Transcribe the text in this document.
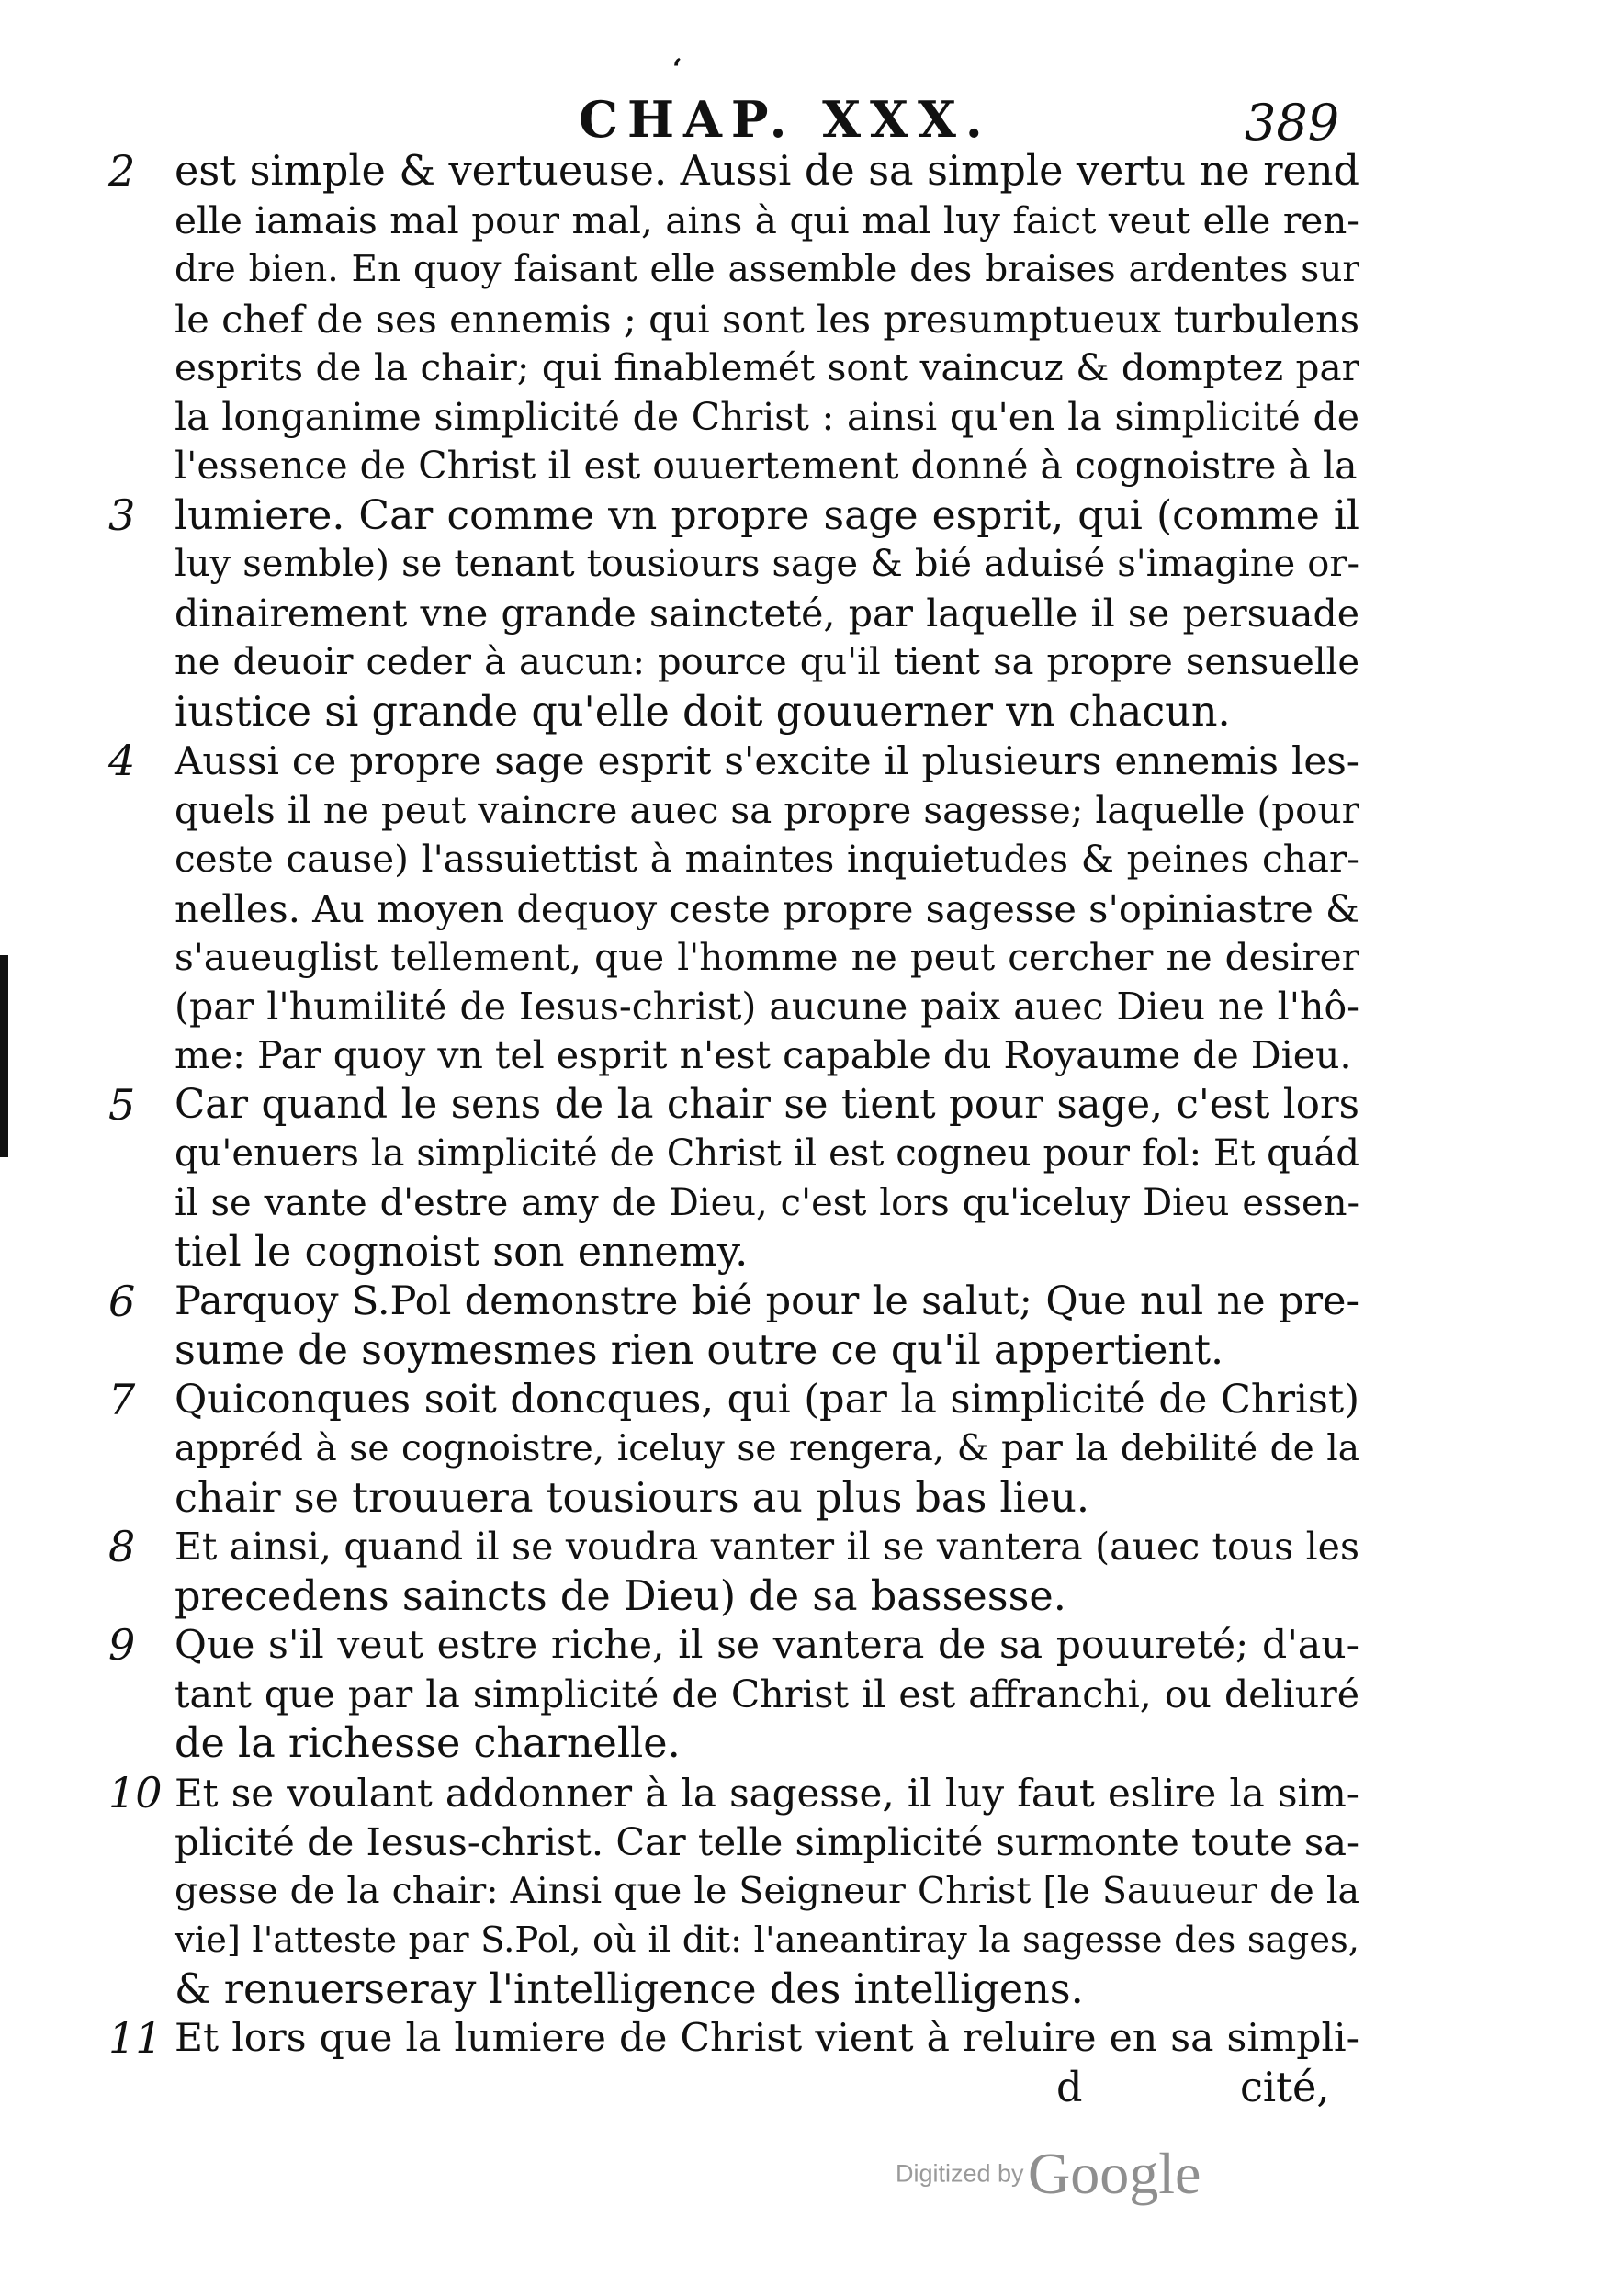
ʻ
CHAP. XXX.	389
2 est simple & vertueuse. Aussi de sa simple vertu ne rend
elle iamais mal pour mal, ains à qui mal luy faict veut elle ren-
dre bien. En quoy faisant elle assemble des braises ardentes sur
le chef de ses ennemis ; qui sont les presumptueux turbulens
esprits de la chair; qui finablemét sont vaincuz & domptez par
la longanime simplicité de Christ : ainsi qu'en la simplicité de
l'essence de Christ il est ouuertement donné à cognoistre à la
3 lumiere. Car comme vn propre sage esprit, qui (comme il
luy semble) se tenant tousiours sage & bié aduisé s'imagine or-
dinairement vne grande saincteté, par laquelle il se persuade
ne deuoir ceder à aucun: pource qu'il tient sa propre sensuelle
iustice si grande qu'elle doit gouuerner vn chacun.
4	Aussi ce propre sage esprit s'excite il plusieurs ennemis les-
quels il ne peut vaincre auec sa propre sagesse; laquelle (pour
ceste cause) l'assuiettist à maintes inquietudes & peines char-
nelles. Au moyen dequoy ceste propre sagesse s'opiniastre &
s'aueuglist tellement, que l'homme ne peut cercher ne desirer
(par l'humilité de Iesus-christ) aucune paix auec Dieu ne l'hô-
me: Par quoy vn tel esprit n'est capable du Royaume de Dieu.
5 Car quand le sens de la chair se tient pour sage, c'est lors
qu'enuers la simplicité de Christ il est cogneu pour fol: Et quád
il se vante d'estre amy de Dieu, c'est lors qu'iceluy Dieu essen-
tiel le cognoist son ennemy.
6 Parquoy S.Pol demonstre bié pour le salut; Que nul ne pre-
sume de soymesmes rien outre ce qu'il appertient.
7 Quiconques soit doncques, qui (par la simplicité de Christ)
appréd à se cognoistre, iceluy se rengera, & par la debilité de la
chair se trouuera tousiours au plus bas lieu.
8	Et ainsi, quand il se voudra vanter il se vantera (auec tous les
precedens saincts de Dieu) de sa bassesse.
9	Que s'il veut estre riche, il se vantera de sa pouureté; d'au-
tant que par la simplicité de Christ il est affranchi, ou deliuré
de la richesse charnelle.
10 Et se voulant addonner à la sagesse, il luy faut eslire la sim-
plicité de Iesus-christ. Car telle simplicité surmonte toute sa-
gesse de la chair: Ainsi que le Seigneur Christ [le Sauueur de la
vie] l'atteste par S.Pol, où il dit: l'aneantiray la sagesse des sages,
& renuerseray l'intelligence des intelligens.
11 Et lors que la lumiere de Christ vient à reluire en sa simpli-
d	cité,
Digitized by Google
